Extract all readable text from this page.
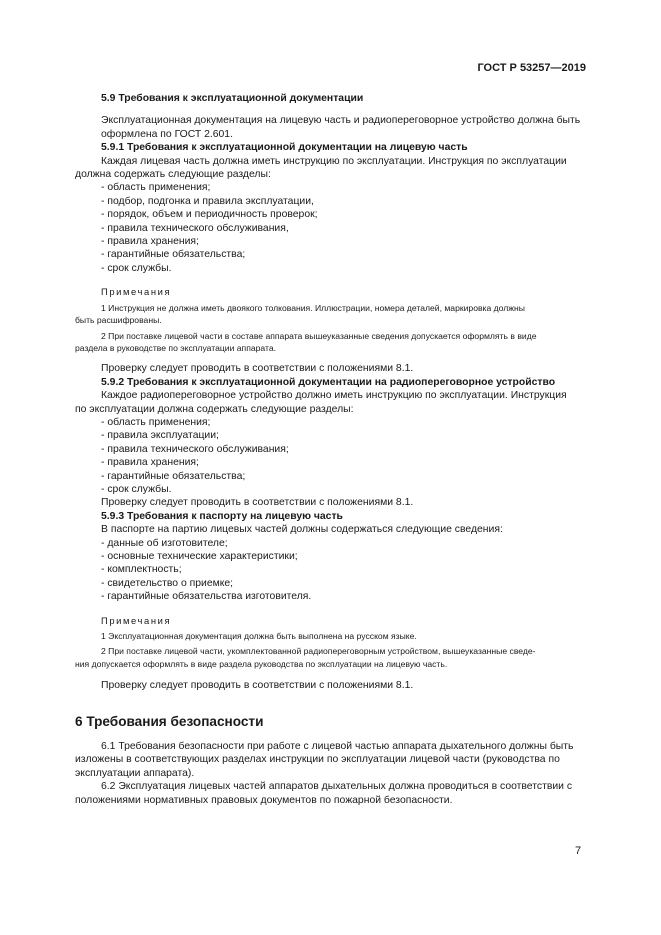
ГОСТ Р 53257—2019

5.9 Требования к эксплуатационной документации

Эксплуатационная документация на лицевую часть и радиопереговорное устройство должна быть

оформлена по ГОСТ 2.601.

5.9.1 Требования к эксплуатационной документации на лицевую часть

Каждая лицевая часть должна иметь инструкцию по эксплуатации. Инструкция по эксплуатации

должна содержать следующие разделы:

- область применения;

- подбор, подгонка и правила эксплуатации,

- порядок, объем и периодичность проверок;

- правила технического обслуживания,

- правила хранения;

- гарантийные обязательства;

- срок службы.

Примечания

1 Инструкция не должна иметь двоякого толкования. Иллюстрации, номера деталей, маркировка должны

быть расшифрованы.

2 При поставке лицевой части в составе аппарата вышеуказанные сведения допускается оформлять в виде

раздела в руководстве по эксплуатации аппарата.

Проверку следует проводить в соответствии с положениями 8.1.

5.9.2 Требования к эксплуатационной документации на радиопереговорное устройство

Каждое радиопереговорное устройство должно иметь инструкцию по эксплуатации. Инструкция

по эксплуатации должна содержать следующие разделы:

- область применения;

- правила эксплуатации;

- правила технического обслуживания;

- правила хранения;

- гарантийные обязательства;

- срок службы.

Проверку следует проводить в соответствии с положениями 8.1.

5.9.3 Требования к паспорту на лицевую часть

В паспорте на партию лицевых частей должны содержаться следующие сведения:

- данные об изготовителе;

- основные технические характеристики;

- комплектность;

- свидетельство о приемке;

- гарантийные обязательства изготовителя.

Примечания

1 Эксплуатационная документация должна быть выполнена на русском языке.

2 При поставке лицевой части, укомплектованной радиопереговорным устройством, вышеуказанные сведе-

ния допускается оформлять в виде раздела руководства по эксплуатации на лицевую часть.

Проверку следует проводить в соответствии с положениями 8.1.

6 Требования безопасности

6.1 Требования безопасности при работе с лицевой частью аппарата дыхательного должны быть

изложены в соответствующих разделах инструкции по эксплуатации лицевой части (руководства по

эксплуатации аппарата).

6.2 Эксплуатация лицевых частей аппаратов дыхательных должна проводиться в соответствии с

положениями нормативных правовых документов по пожарной безопасности.

7
